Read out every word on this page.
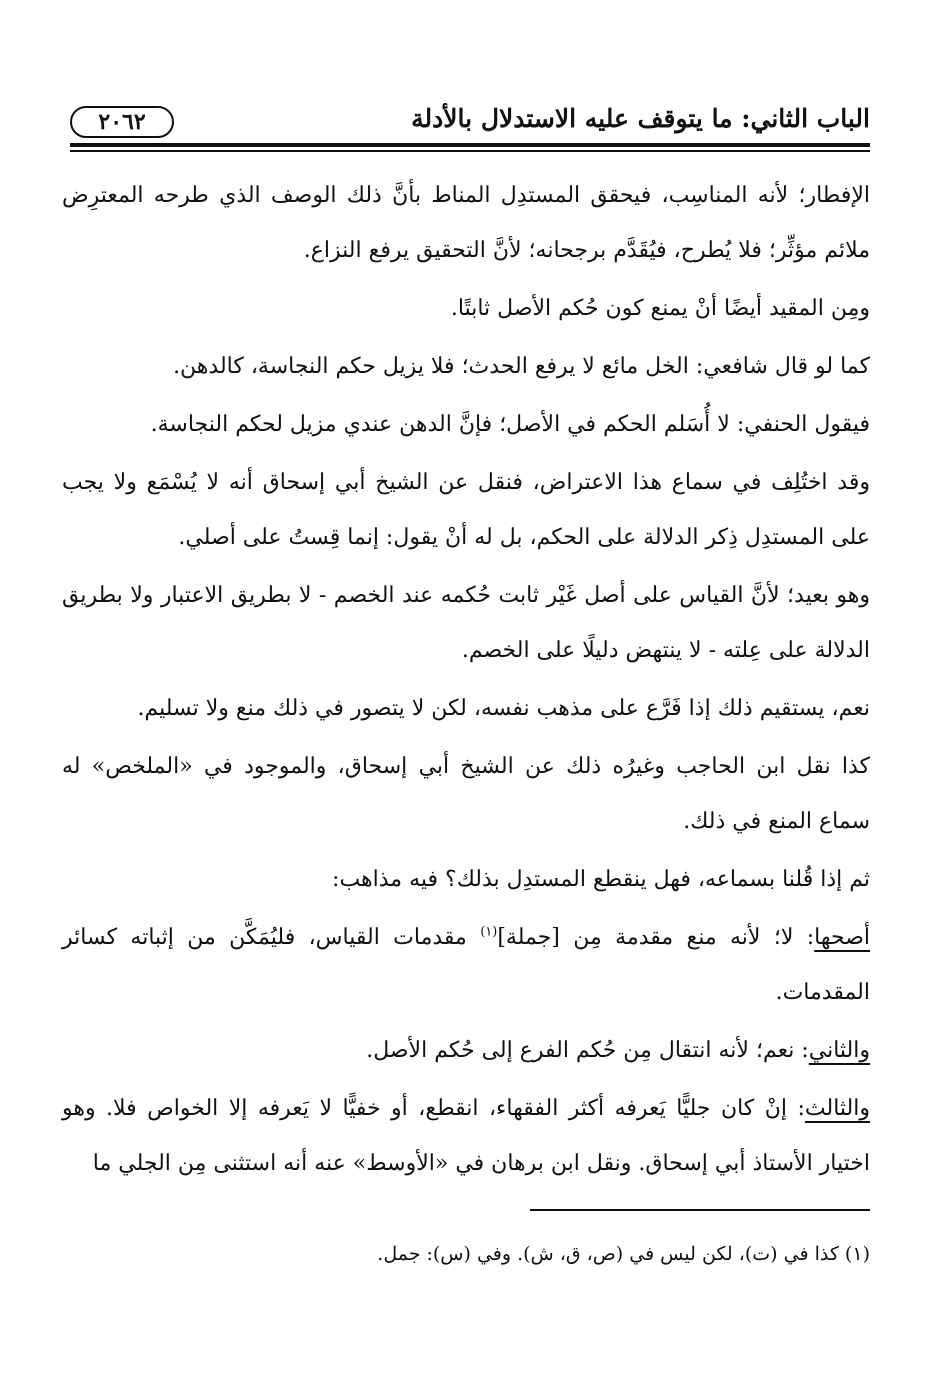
الباب الثاني: ما يتوقف عليه الاستدلال بالأدلة
٢٠٦٢

الإفطار؛ لأنه المناسِب، فيحقق المستدِل المناط بأنَّ ذلك الوصف الذي طرحه المعترِض ملائم مؤثِّر؛ فلا يُطرح، فيُقَدَّم برجحانه؛ لأنَّ التحقيق يرفع النزاع.

ومِن المقيد أيضًا أنْ يمنع كون حُكم الأصل ثابتًا.

كما لو قال شافعي: الخل مائع لا يرفع الحدث؛ فلا يزيل حكم النجاسة، كالدهن.

فيقول الحنفي: لا أُسَلم الحكم في الأصل؛ فإنَّ الدهن عندي مزيل لحكم النجاسة.

وقد اختُلِف في سماع هذا الاعتراض، فنقل عن الشيخ أبي إسحاق أنه لا يُسْمَع ولا يجب على المستدِل ذِكر الدلالة على الحكم، بل له أنْ يقول: إنما قِستُ على أصلي.

وهو بعيد؛ لأنَّ القياس على أصل غَيْر ثابت حُكمه عند الخصم - لا بطريق الاعتبار ولا بطريق الدلالة على عِلته - لا ينتهض دليلًا على الخصم.

نعم، يستقيم ذلك إذا فَرَّع على مذهب نفسه، لكن لا يتصور في ذلك منع ولا تسليم.

كذا نقل ابن الحاجب وغيرُه ذلك عن الشيخ أبي إسحاق، والموجود في «الملخص» له سماع المنع في ذلك.

ثم إذا قُلنا بسماعه، فهل ينقطع المستدِل بذلك؟ فيه مذاهب:

أصحها: لا؛ لأنه منع مقدمة مِن [جملة]$^{(١)}$ مقدمات القياس، فليُمَكَّن من إثباته كسائر المقدمات.

والثاني: نعم؛ لأنه انتقال مِن حُكم الفرع إلى حُكم الأصل.

والثالث: إنْ كان جليًّا يَعرفه أكثر الفقهاء، انقطع، أو خفيًّا لا يَعرفه إلا الخواص فلا. وهو اختيار الأستاذ أبي إسحاق. ونقل ابن برهان في «الأوسط» عنه أنه استثنى مِن الجلي ما

(١) كذا في (ت)، لكن ليس في (ص، ق، ش). وفي (س): جمل.
